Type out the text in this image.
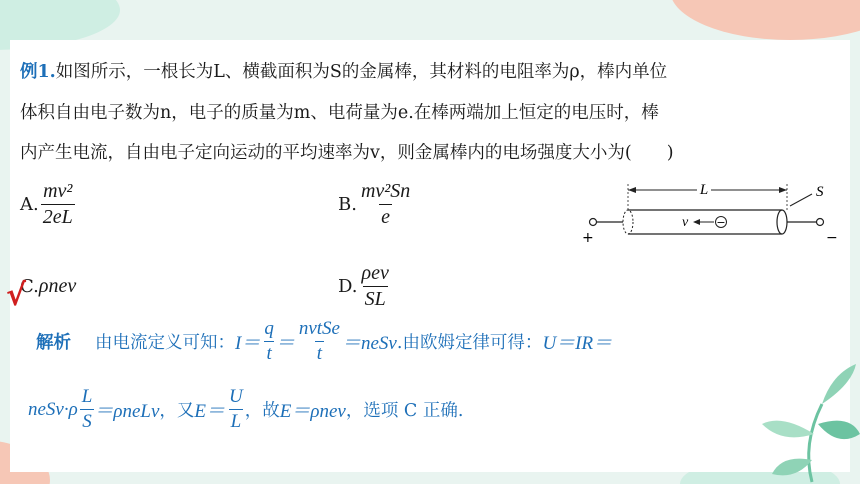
例1.如图所示，一根长为L、横截面积为S的金属棒，其材料的电阻率为ρ，棒内单位
体积自由电子数为n，电子的质量为m、电荷量为e.在棒两端加上恒定的电压时，棒
内产生电流，自由电子定向运动的平均速率为v，则金属棒内的电场强度大小为(　　)
A. $\frac{\text{mv²}}{2eL}$	B. $\frac{\text{mv²Sn}}{e}$
C. ρnev	D. $\frac{\text{ρev}}{SL}$
√
L	S
+	−
v	−
解析 由电流定义可知： $I= \frac{q}{t} = \frac{\text{nvtSe}}{t}$ ＝neSv .由欧姆定律可得： U＝IR＝
neSv·ρ $\frac{L}{S}$ ＝ρneLv ，又 $E= \frac{U}{L}$ ，故 E＝ρnev ，选项 C 正确.
